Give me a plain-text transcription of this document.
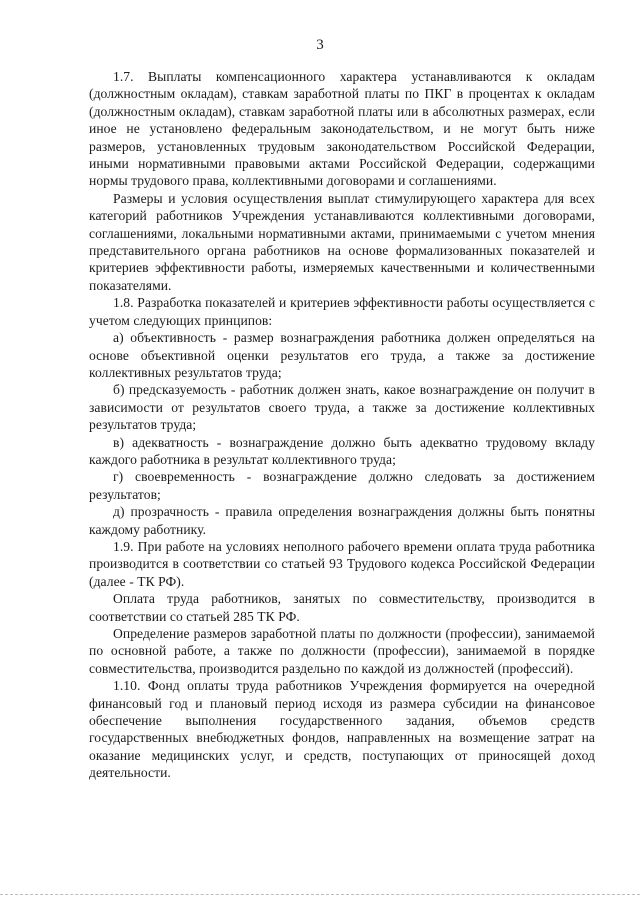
3

1.7. Выплаты компенсационного характера устанавливаются к окладам (должностным окладам), ставкам заработной платы по ПКГ в процентах к окладам (должностным окладам), ставкам заработной платы или в абсолютных размерах, если иное не установлено федеральным законодательством, и не могут быть ниже размеров, установленных трудовым законодательством Российской Федерации, иными нормативными правовыми актами Российской Федерации, содержащими нормы трудового права, коллективными договорами и соглашениями.

Размеры и условия осуществления выплат стимулирующего характера для всех категорий работников Учреждения устанавливаются коллективными договорами, соглашениями, локальными нормативными актами, принимаемыми с учетом мнения представительного органа работников на основе формализованных показателей и критериев эффективности работы, измеряемых качественными и количественными показателями.

1.8. Разработка показателей и критериев эффективности работы осуществляется с учетом следующих принципов:

а) объективность - размер вознаграждения работника должен определяться на основе объективной оценки результатов его труда, а также за достижение коллективных результатов труда;

б) предсказуемость - работник должен знать, какое вознаграждение он получит в зависимости от результатов своего труда, а также за достижение коллективных результатов труда;

в) адекватность - вознаграждение должно быть адекватно трудовому вкладу каждого работника в результат коллективного труда;

г) своевременность - вознаграждение должно следовать за достижением результатов;

д) прозрачность - правила определения вознаграждения должны быть понятны каждому работнику.

1.9. При работе на условиях неполного рабочего времени оплата труда работника производится в соответствии со статьей 93 Трудового кодекса Российской Федерации (далее - ТК РФ).

Оплата труда работников, занятых по совместительству, производится в соответствии со статьей 285 ТК РФ.

Определение размеров заработной платы по должности (профессии), занимаемой по основной работе, а также по должности (профессии), занимаемой в порядке совместительства, производится раздельно по каждой из должностей (профессий).

1.10. Фонд оплаты труда работников Учреждения формируется на очередной финансовый год и плановый период исходя из размера субсидии на финансовое обеспечение выполнения государственного задания, объемов средств государственных внебюджетных фондов, направленных на возмещение затрат на оказание медицинских услуг, и средств, поступающих от приносящей доход деятельности.
